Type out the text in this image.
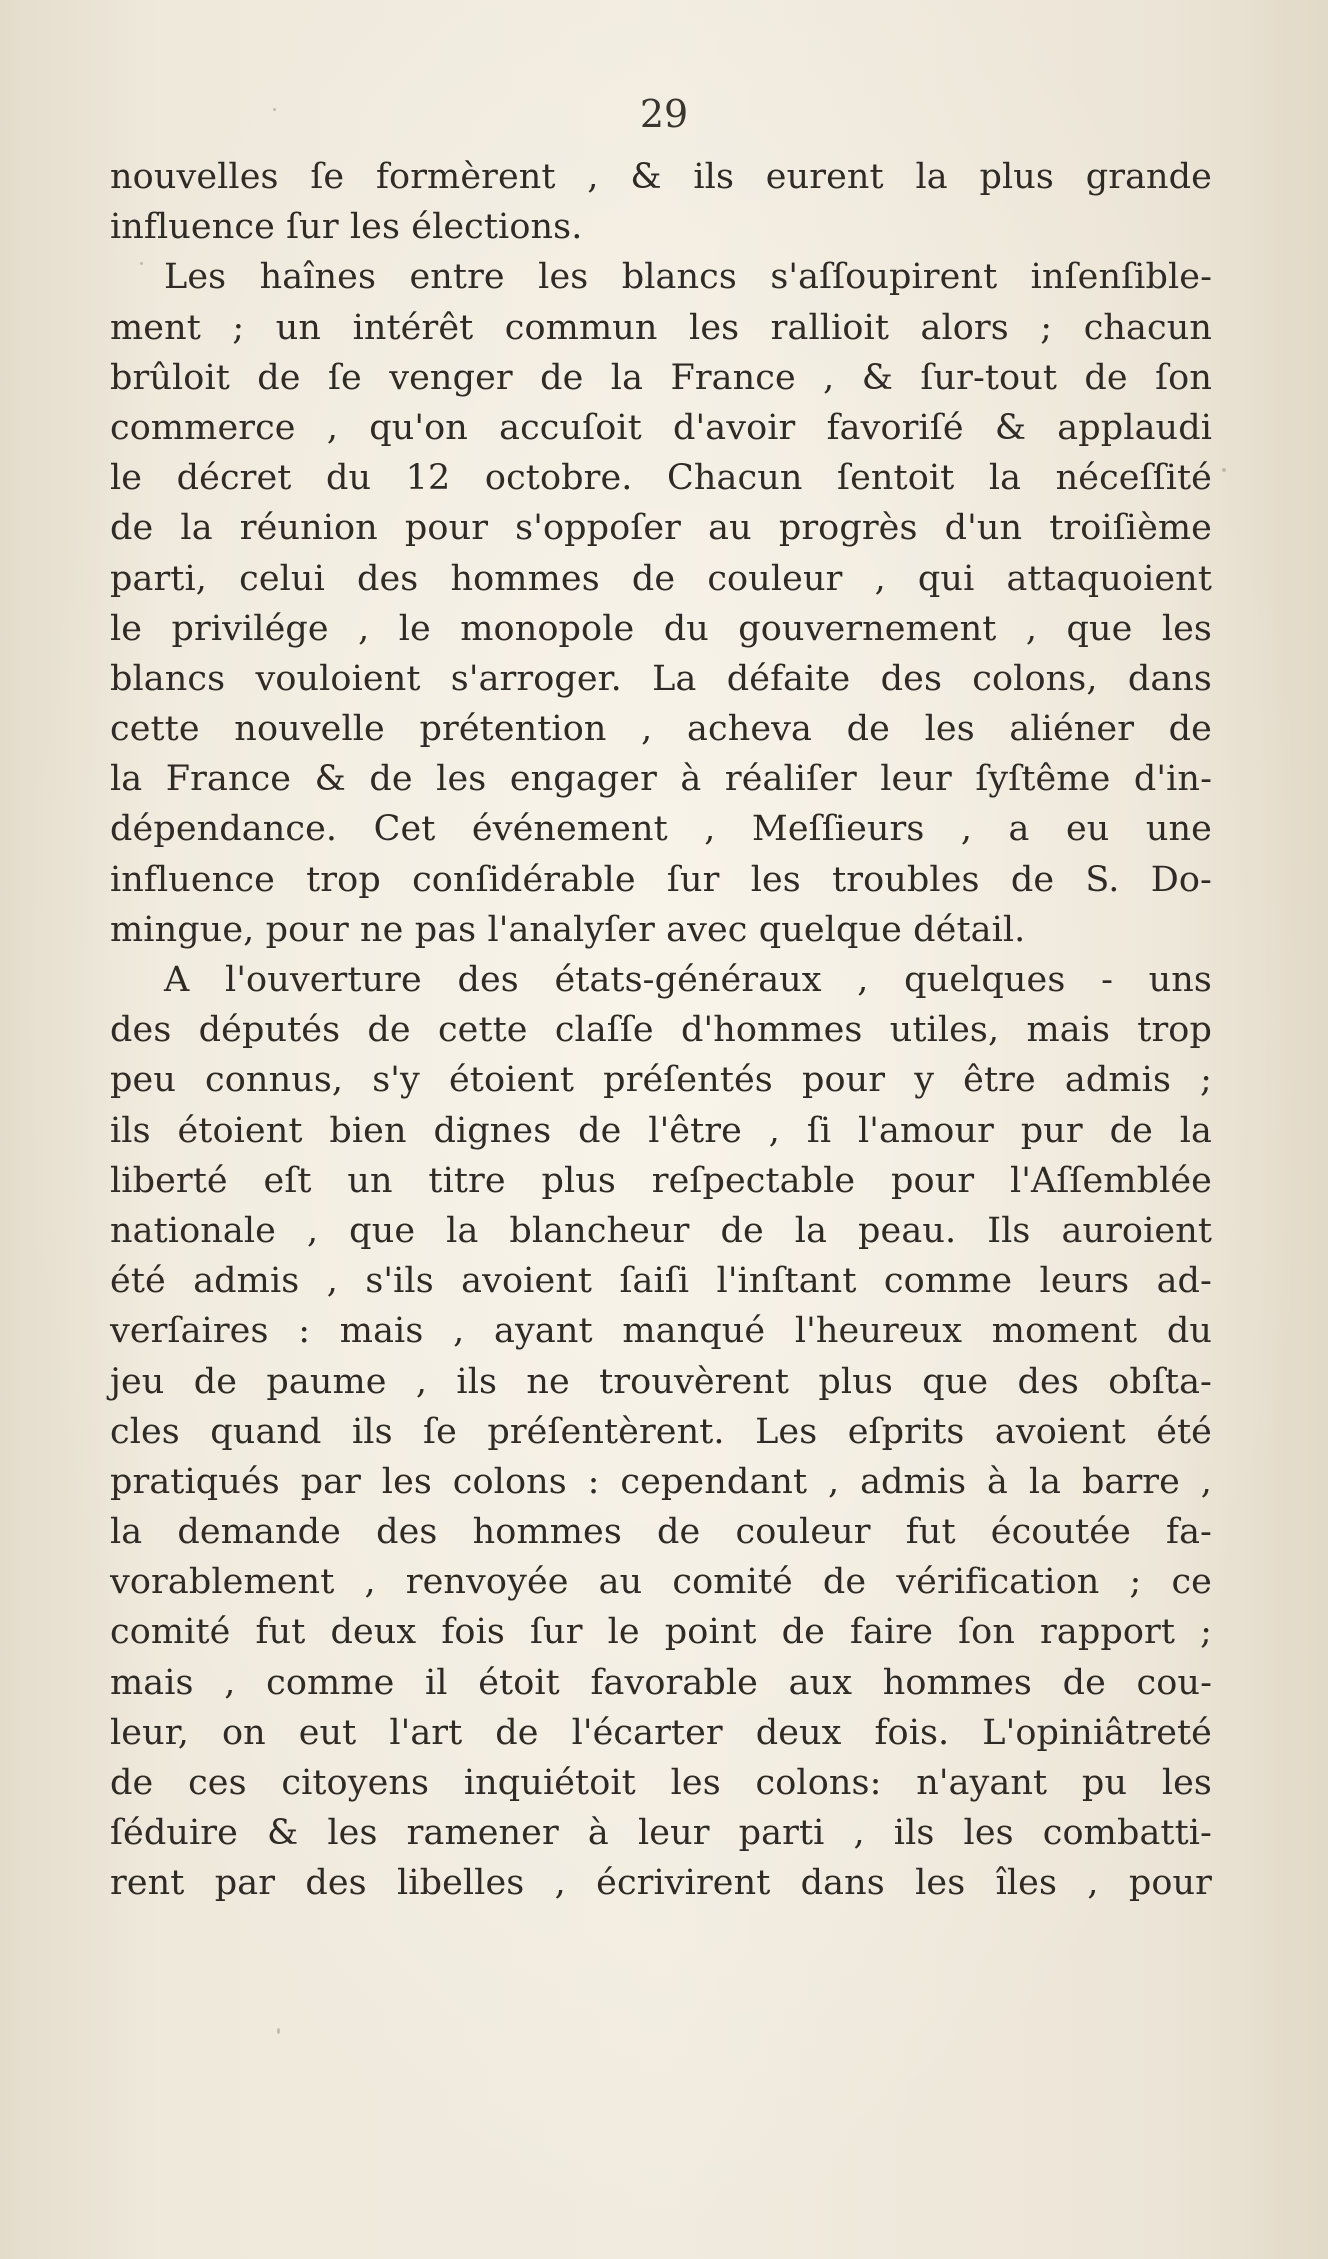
29
nouvelles ſe formèrent , & ils eurent la plus grande
influence ſur les élections.
Les haînes entre les blancs s'aſſoupirent inſenſible-
ment ; un intérêt commun les rallioit alors ; chacun
brûloit de ſe venger de la France , & ſur-tout de ſon
commerce , qu'on accuſoit d'avoir favoriſé & applaudi
le décret du 12 octobre. Chacun ſentoit la néceſſité
de la réunion pour s'oppoſer au progrès d'un troiſième
parti, celui des hommes de couleur , qui attaquoient
le privilége , le monopole du gouvernement , que les
blancs vouloient s'arroger. La défaite des colons, dans
cette nouvelle prétention , acheva de les aliéner de
la France & de les engager à réaliſer leur ſyſtême d'in-
dépendance. Cet événement , Meſſieurs , a eu une
influence trop conſidérable ſur les troubles de S. Do-
mingue, pour ne pas l'analyſer avec quelque détail.
A l'ouverture des états-généraux , quelques - uns
des députés de cette claſſe d'hommes utiles, mais trop
peu connus, s'y étoient préſentés pour y être admis ;
ils étoient bien dignes de l'être , ſi l'amour pur de la
liberté eſt un titre plus reſpectable pour l'Aſſemblée
nationale , que la blancheur de la peau. Ils auroient
été admis , s'ils avoient ſaiſi l'inſtant comme leurs ad-
verſaires : mais , ayant manqué l'heureux moment du
jeu de paume , ils ne trouvèrent plus que des obſta-
cles quand ils ſe préſentèrent. Les eſprits avoient été
pratiqués par les colons : cependant , admis à la barre ,
la demande des hommes de couleur fut écoutée fa-
vorablement , renvoyée au comité de vérification ; ce
comité fut deux fois ſur le point de faire ſon rapport ;
mais , comme il étoit favorable aux hommes de cou-
leur, on eut l'art de l'écarter deux fois. L'opiniâtreté
de ces citoyens inquiétoit les colons: n'ayant pu les
ſéduire & les ramener à leur parti , ils les combatti-
rent par des libelles , écrivirent dans les îles , pour
